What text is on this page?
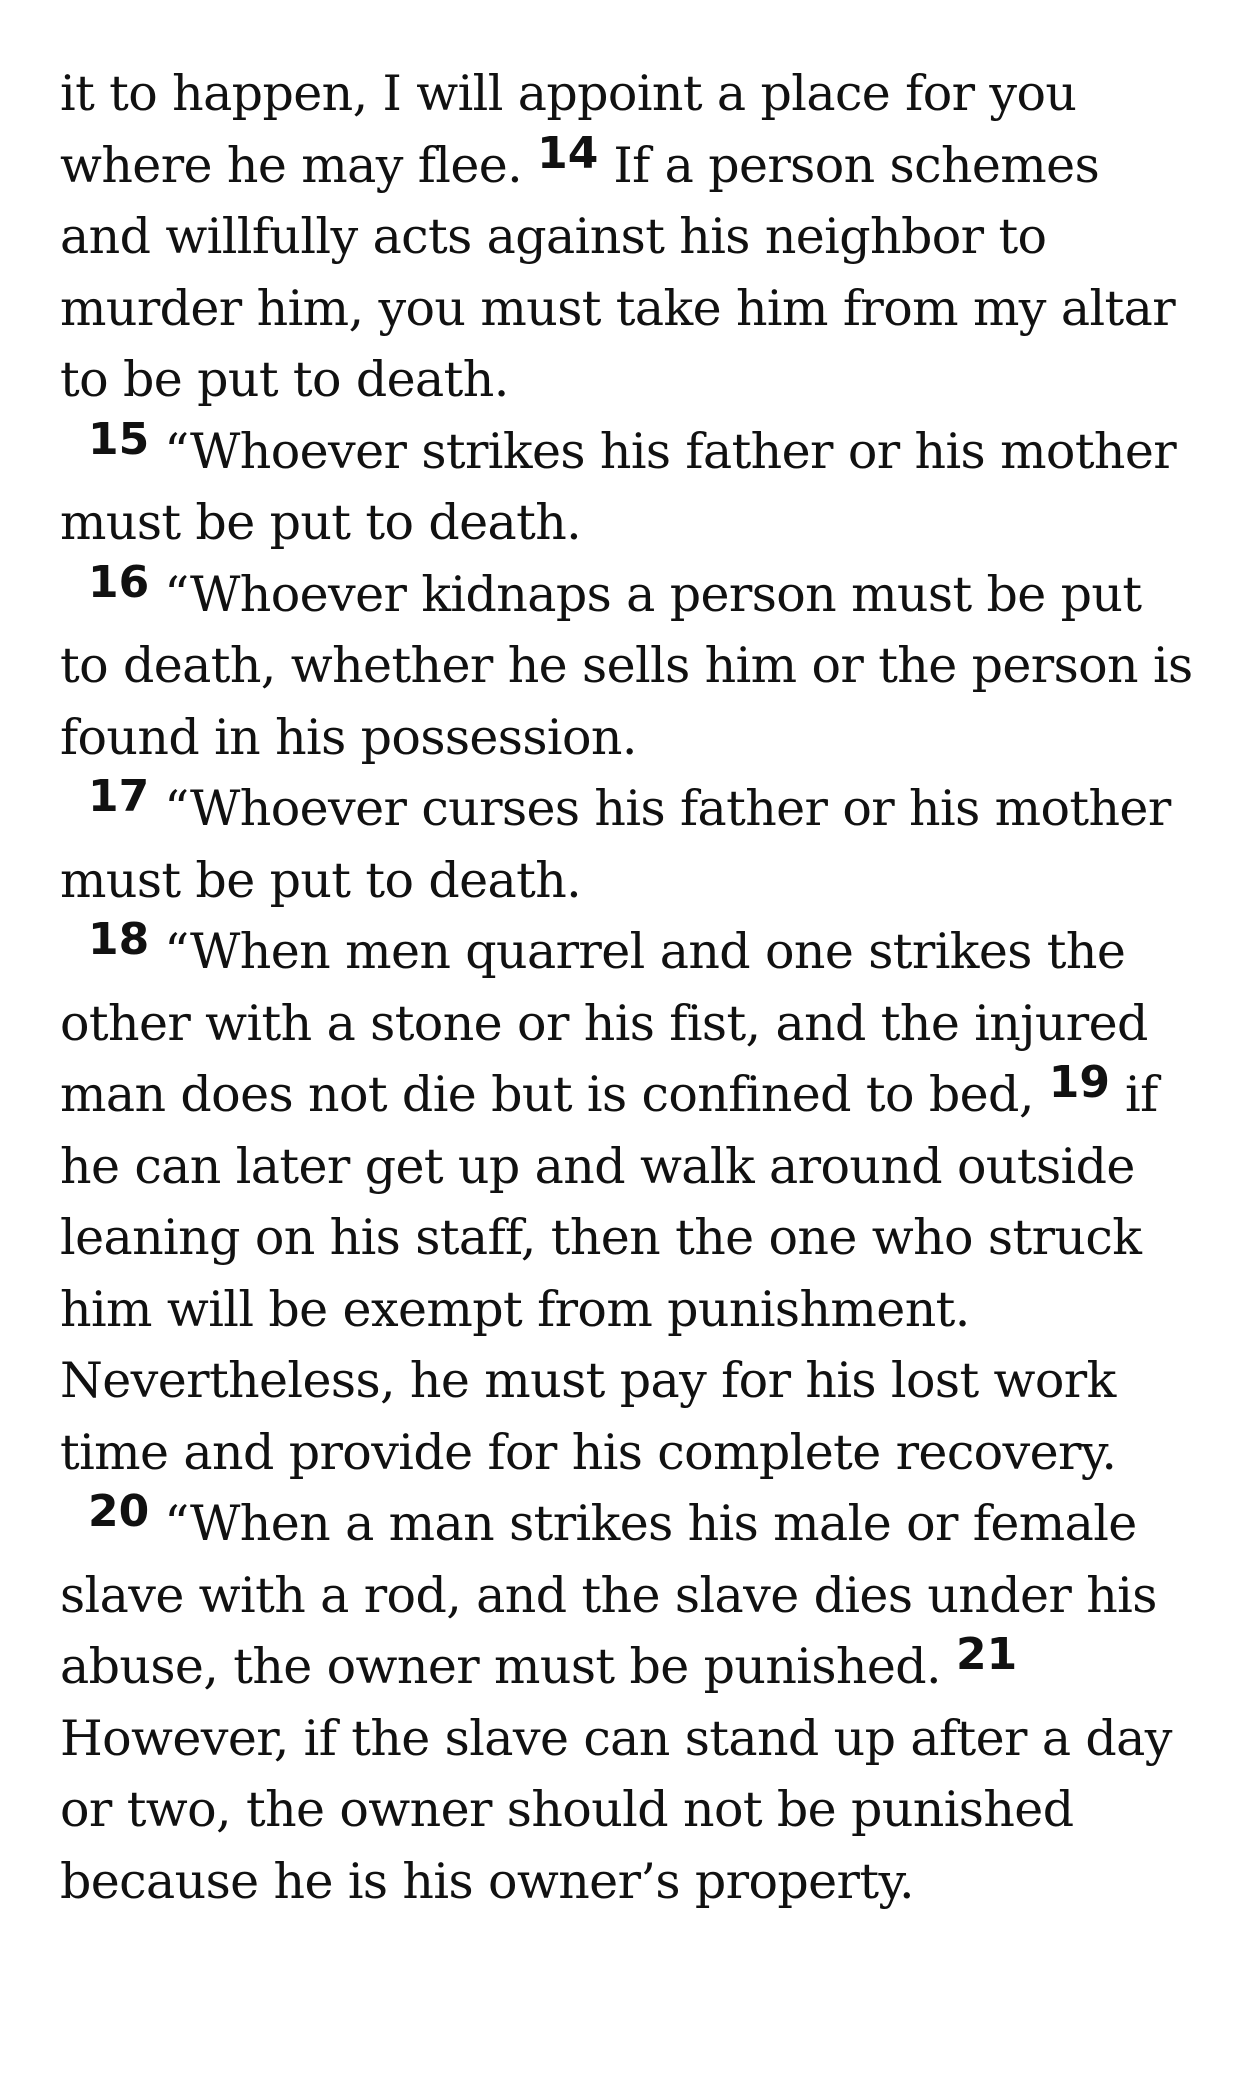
it to happen, I will appoint a place for you where he may flee. 14 If a person schemes and willfully acts against his neighbor to murder him, you must take him from my altar to be put to death.

15 “Whoever strikes his father or his mother must be put to death.

16 “Whoever kidnaps a person must be put to death, whether he sells him or the person is found in his possession.

17 “Whoever curses his father or his mother must be put to death.

18 “When men quarrel and one strikes the other with a stone or his fist, and the injured man does not die but is confined to bed, 19 if he can later get up and walk around outside leaning on his staff, then the one who struck him will be exempt from punishment. Nevertheless, he must pay for his lost work time and provide for his complete recovery.

20 “When a man strikes his male or female slave with a rod, and the slave dies under his abuse, the owner must be punished. 21 However, if the slave can stand up after a day or two, the owner should not be punished because he is his owner’s property.
